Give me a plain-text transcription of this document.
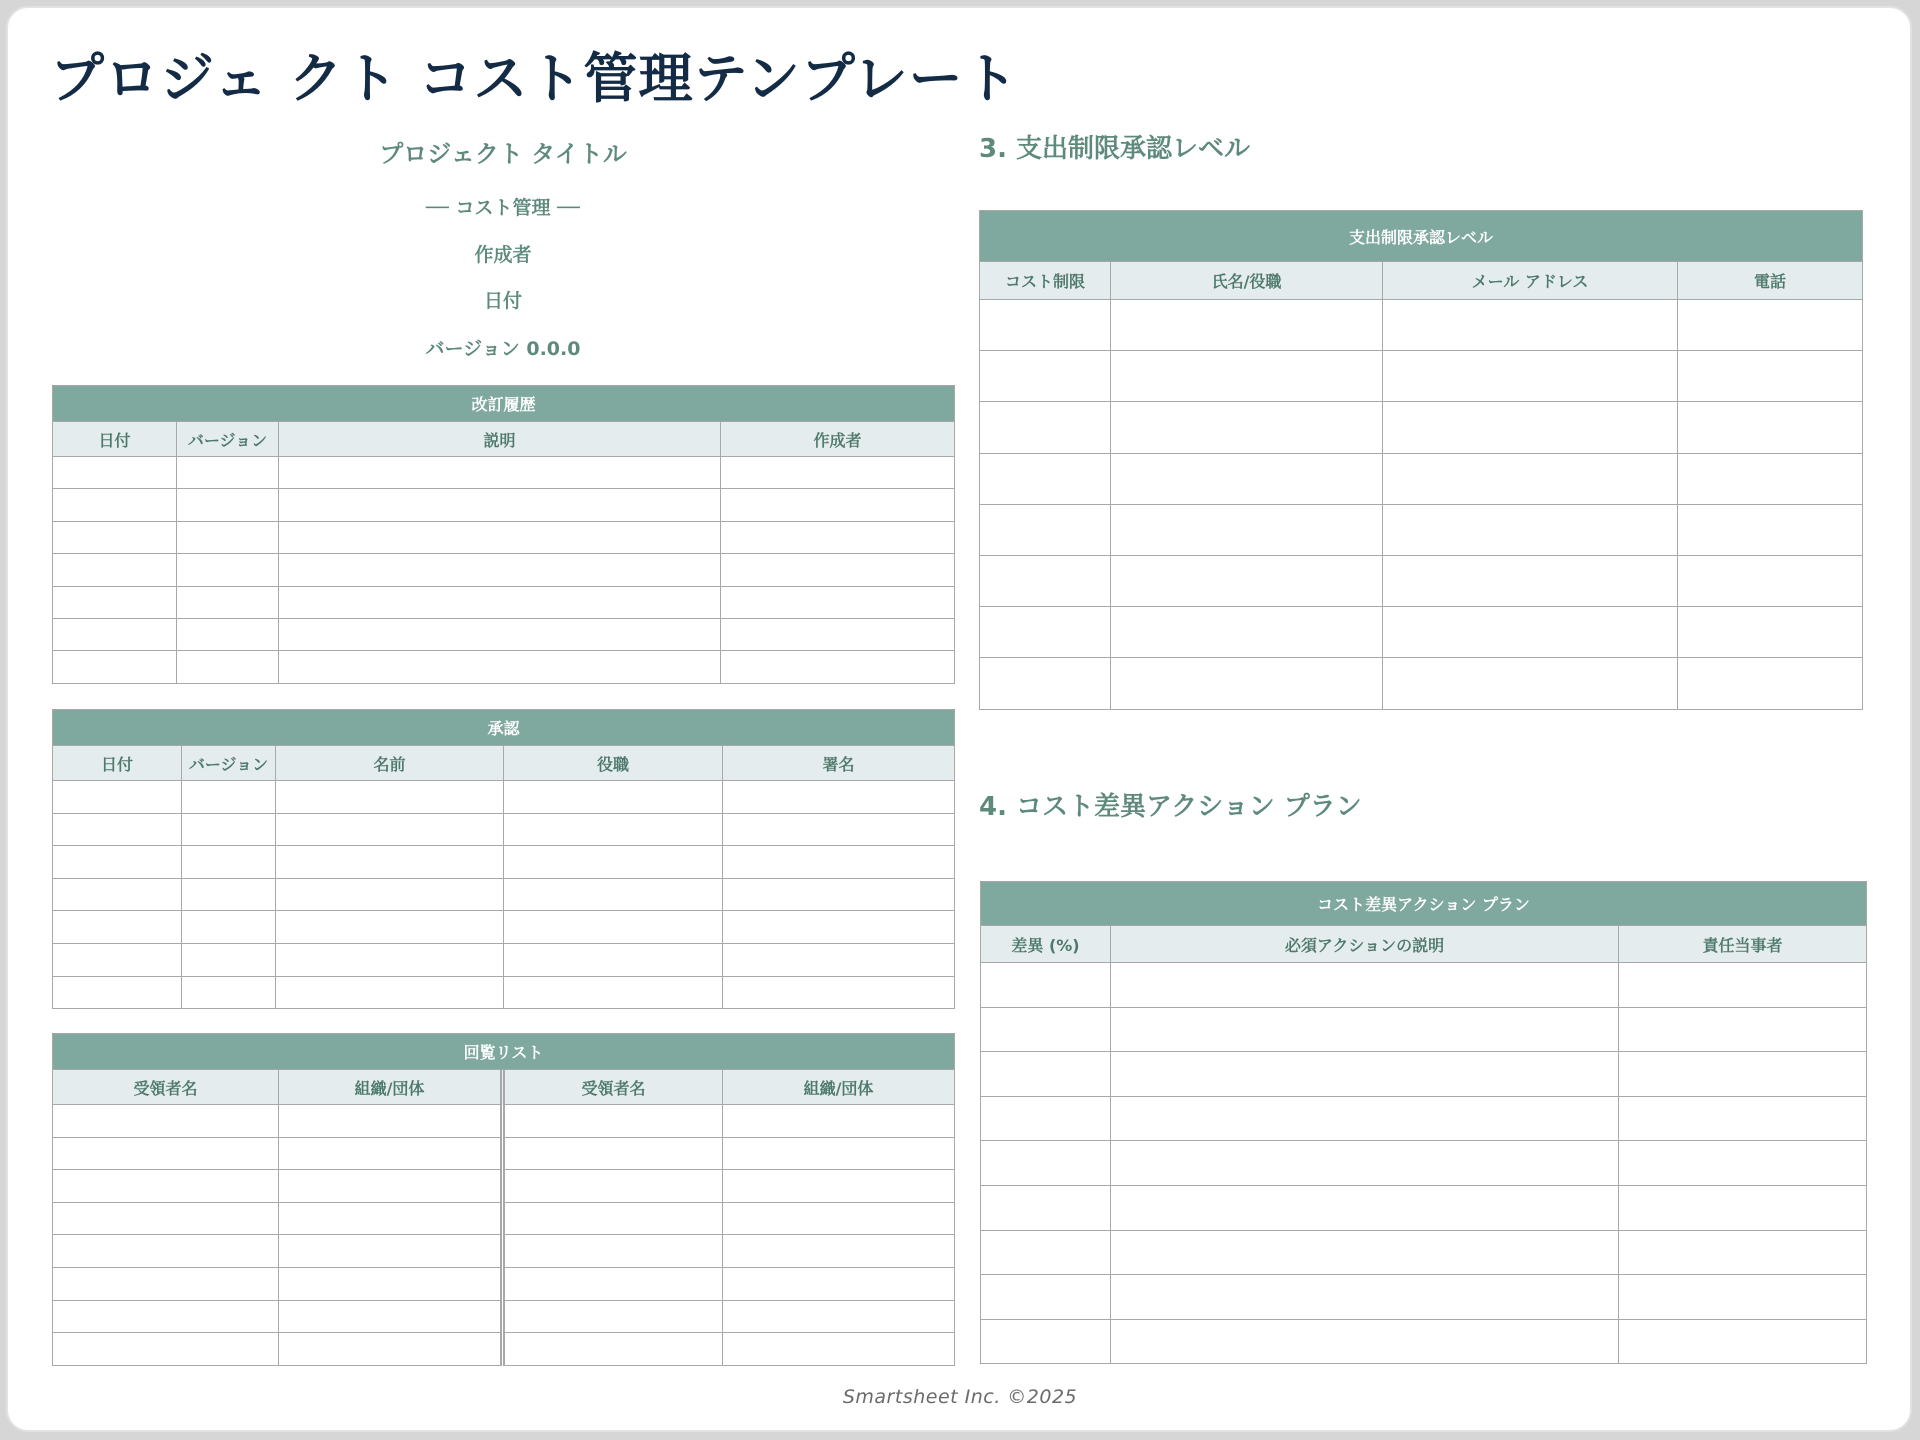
プロジェ クト コスト管理テンプレート
プロジェクト タイトル
── コスト管理 ──
作成者
日付
バージョン 0.0.0
改訂履歴			
日付	バージョン	説明	作成者

承認				
日付	バージョン	名前	役職	署名

回覧リスト			
受領者名	組織/団体	受領者名	組織/団体

3. 支出制限承認レベル
支出制限承認レベル			
コスト制限	氏名/役職	メール アドレス	電話

4. コスト差異アクション プラン
コスト差異アクション プラン		
差異 (%)	必須アクションの説明	責任当事者

Smartsheet Inc. ©2025
